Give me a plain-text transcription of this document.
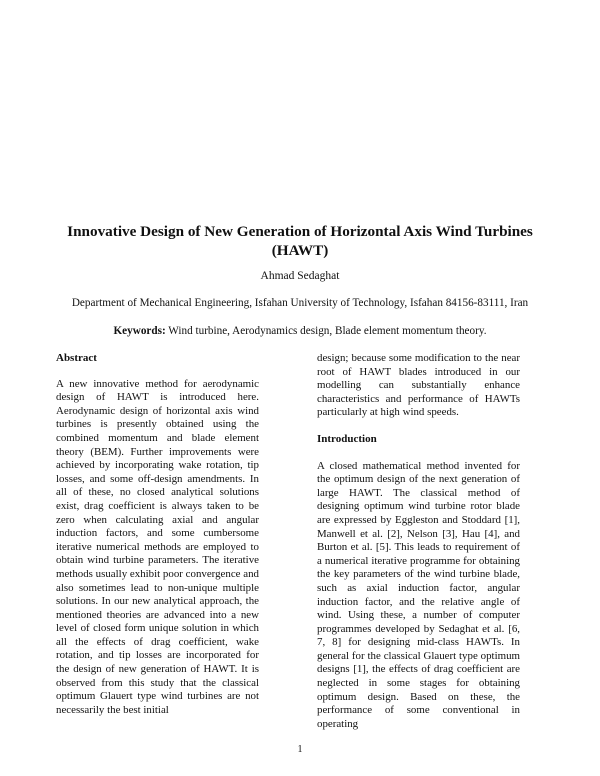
Innovative Design of New Generation of Horizontal Axis Wind Turbines (HAWT)
Ahmad Sedaghat
Department of Mechanical Engineering, Isfahan University of Technology, Isfahan 84156-83111, Iran
Keywords: Wind turbine, Aerodynamics design, Blade element momentum theory.

Abstract

A new innovative method for aerodynamic design of HAWT is introduced here. Aerodynamic design of horizontal axis wind turbines is presently obtained using the combined momentum and blade element theory (BEM). Further improvements were achieved by incorporating wake rotation, tip losses, and some off-design amendments. In all of these, no closed analytical solutions exist, drag coefficient is always taken to be zero when calculating axial and angular induction factors, and some cumbersome iterative numerical methods are employed to obtain wind turbine parameters. The iterative methods usually exhibit poor convergence and also sometimes lead to non-unique multiple solutions. In our new analytical approach, the mentioned theories are advanced into a new level of closed form unique solution in which all the effects of drag coefficient, wake rotation, and tip losses are incorporated for the design of new generation of HAWT. It is observed from this study that the classical optimum Glauert type wind turbines are not necessarily the best initial

design; because some modification to the near root of HAWT blades introduced in our modelling can substantially enhance characteristics and performance of HAWTs particularly at high wind speeds.

Introduction

A closed mathematical method invented for the optimum design of the next generation of large HAWT. The classical method of designing optimum wind turbine rotor blade are expressed by Eggleston and Stoddard [1], Manwell et al. [2], Nelson [3], Hau [4], and Burton et al. [5]. This leads to requirement of a numerical iterative programme for obtaining the key parameters of the wind turbine blade, such as axial induction factor, angular induction factor, and the relative angle of wind. Using these, a number of computer programmes developed by Sedaghat et al. [6, 7, 8] for designing mid-class HAWTs. In general for the classical Glauert type optimum designs [1], the effects of drag coefficient are neglected in some stages for obtaining optimum design. Based on these, the performance of some conventional in operating

1
